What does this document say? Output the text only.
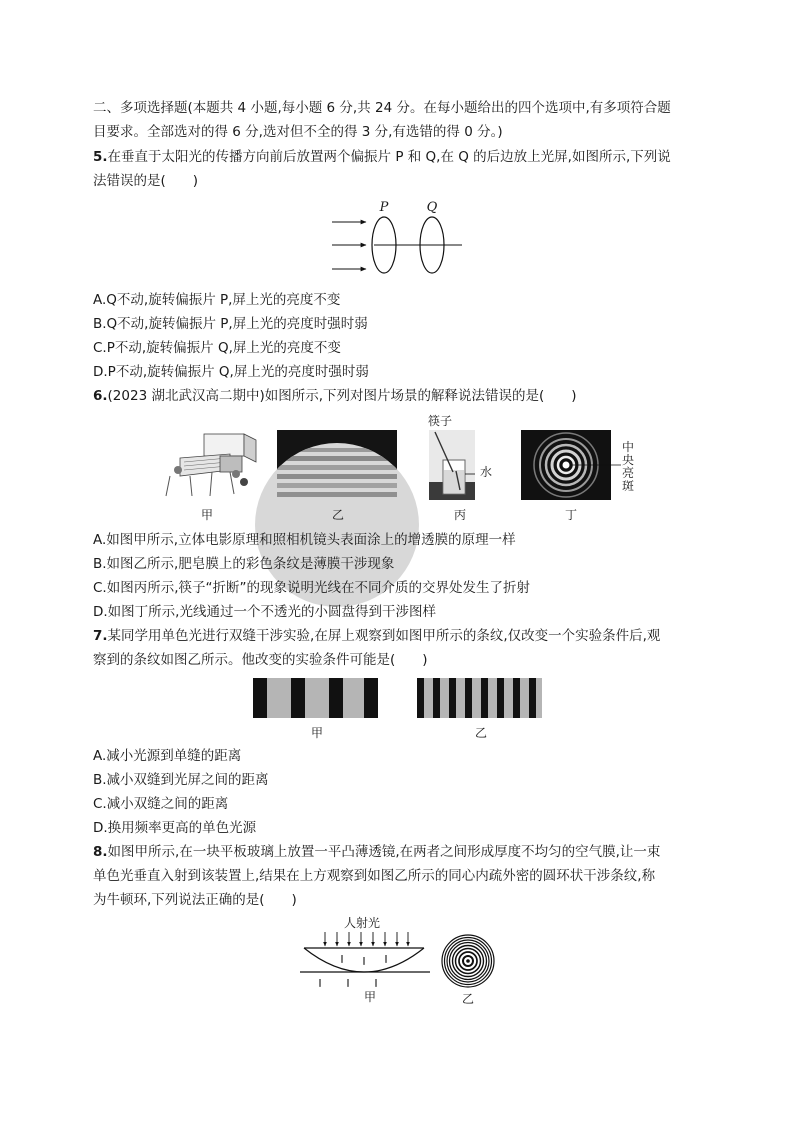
二、多项选择题(本题共 4 小题,每小题 6 分,共 24 分。在每小题给出的四个选项中,有多项符合题
目要求。全部选对的得 6 分,选对但不全的得 3 分,有选错的得 0 分。)
5.在垂直于太阳光的传播方向前后放置两个偏振片 P 和 Q,在 Q 的后边放上光屏,如图所示,下列说
法错误的是(　　)
P	Q
A.Q不动,旋转偏振片 P,屏上光的亮度不变
B.Q不动,旋转偏振片 P,屏上光的亮度时强时弱
C.P不动,旋转偏振片 Q,屏上光的亮度不变
D.P不动,旋转偏振片 Q,屏上光的亮度时强时弱
6.(2023 湖北武汉高二期中)如图所示,下列对图片场景的解释说法错误的是(　　)
筷子
水
中
央
亮
斑
甲	乙	丙	丁
A.如图甲所示,立体电影原理和照相机镜头表面涂上的增透膜的原理一样
B.如图乙所示,肥皂膜上的彩色条纹是薄膜干涉现象
C.如图丙所示,筷子“折断”的现象说明光线在不同介质的交界处发生了折射
D.如图丁所示,光线通过一个不透光的小圆盘得到干涉图样
7.某同学用单色光进行双缝干涉实验,在屏上观察到如图甲所示的条纹,仅改变一个实验条件后,观
察到的条纹如图乙所示。他改变的实验条件可能是(　　)
甲	乙
A.减小光源到单缝的距离
B.减小双缝到光屏之间的距离
C.减小双缝之间的距离
D.换用频率更高的单色光源
8.如图甲所示,在一块平板玻璃上放置一平凸薄透镜,在两者之间形成厚度不均匀的空气膜,让一束
单色光垂直入射到该装置上,结果在上方观察到如图乙所示的同心内疏外密的圆环状干涉条纹,称
为牛顿环,下列说法正确的是(　　)
人射光
∥ ∥ ∥
∥	∥	∥
甲	乙
